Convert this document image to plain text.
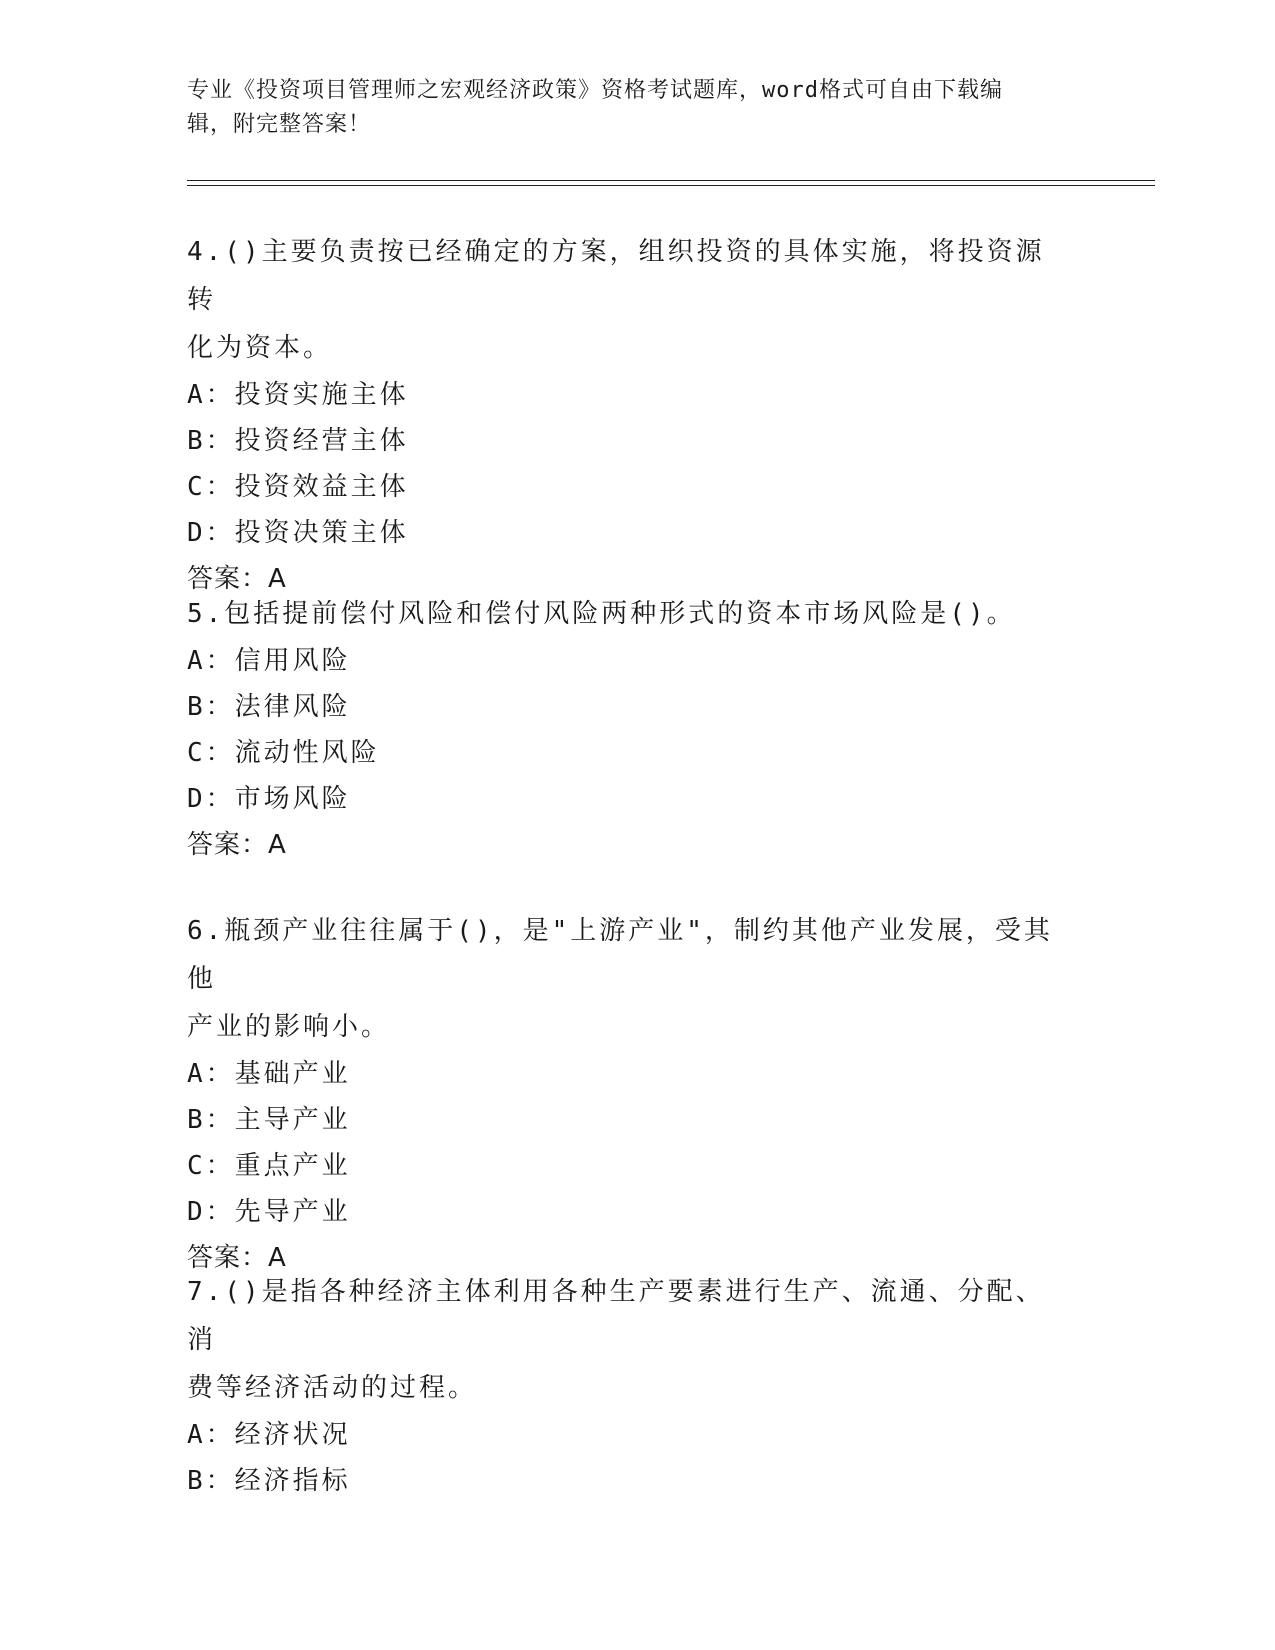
专业《投资项目管理师之宏观经济政策》资格考试题库，word格式可自由下载编
辑，附完整答案！

4.()主要负责按已经确定的方案，组织投资的具体实施，将投资源转

化为资本。

A：投资实施主体

B：投资经营主体

C：投资效益主体

D：投资决策主体

答案：A

5.包括提前偿付风险和偿付风险两种形式的资本市场风险是()。

A：信用风险

B：法律风险

C：流动性风险

D：市场风险

答案：A

6.瓶颈产业往往属于()，是"上游产业"，制约其他产业发展，受其他

产业的影响小。

A：基础产业

B：主导产业

C：重点产业

D：先导产业

答案：A

7.()是指各种经济主体利用各种生产要素进行生产、流通、分配、消

费等经济活动的过程。

A：经济状况

B：经济指标
